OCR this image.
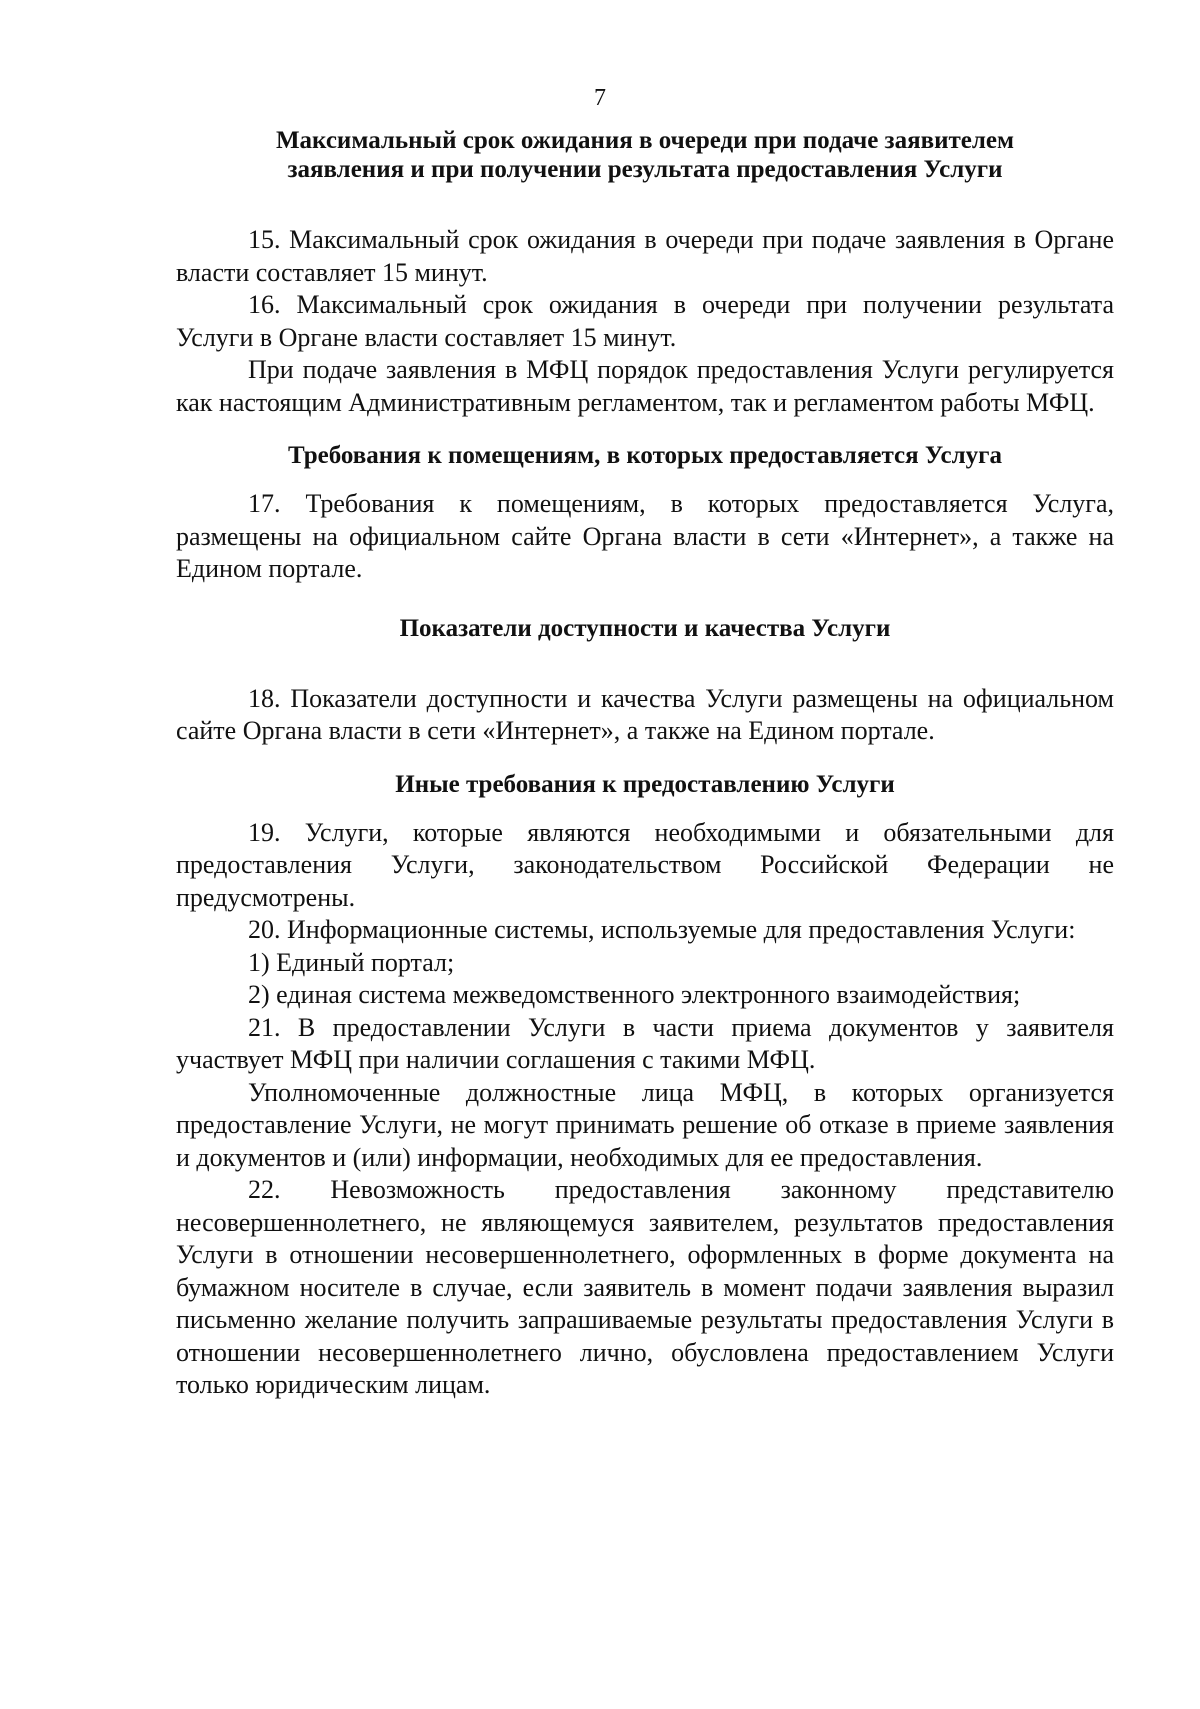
7

Максимальный срок ожидания в очереди при подаче заявителем

заявления и при получении результата предоставления Услуги

15. Максимальный срок ожидания в очереди при подаче заявления в Органе власти составляет 15 минут.

16. Максимальный срок ожидания в очереди при получении результата Услуги в Органе власти составляет 15 минут.

При подаче заявления в МФЦ порядок предоставления Услуги регулируется как настоящим Административным регламентом, так и регламентом работы МФЦ.

Требования к помещениям, в которых предоставляется Услуга

17. Требования к помещениям, в которых предоставляется Услуга, размещены на официальном сайте Органа власти в сети «Интернет», а также на Едином портале.

Показатели доступности и качества Услуги

18. Показатели доступности и качества Услуги размещены на официальном сайте Органа власти в сети «Интернет», а также на Едином портале.

Иные требования к предоставлению Услуги

19. Услуги, которые являются необходимыми и обязательными для предоставления Услуги, законодательством Российской Федерации не предусмотрены.

20. Информационные системы, используемые для предоставления Услуги:

1) Единый портал;

2) единая система межведомственного электронного взаимодействия;

21. В предоставлении Услуги в части приема документов у заявителя участвует МФЦ при наличии соглашения с такими МФЦ.

Уполномоченные должностные лица МФЦ, в которых организуется предоставление Услуги, не могут принимать решение об отказе в приеме заявления и документов и (или) информации, необходимых для ее предоставления.

22. Невозможность предоставления законному представителю несовершеннолетнего, не являющемуся заявителем, результатов предоставления Услуги в отношении несовершеннолетнего, оформленных в форме документа на бумажном носителе в случае, если заявитель в момент подачи заявления выразил письменно желание получить запрашиваемые результаты предоставления Услуги в отношении несовершеннолетнего лично, обусловлена предоставлением Услуги только юридическим лицам.
